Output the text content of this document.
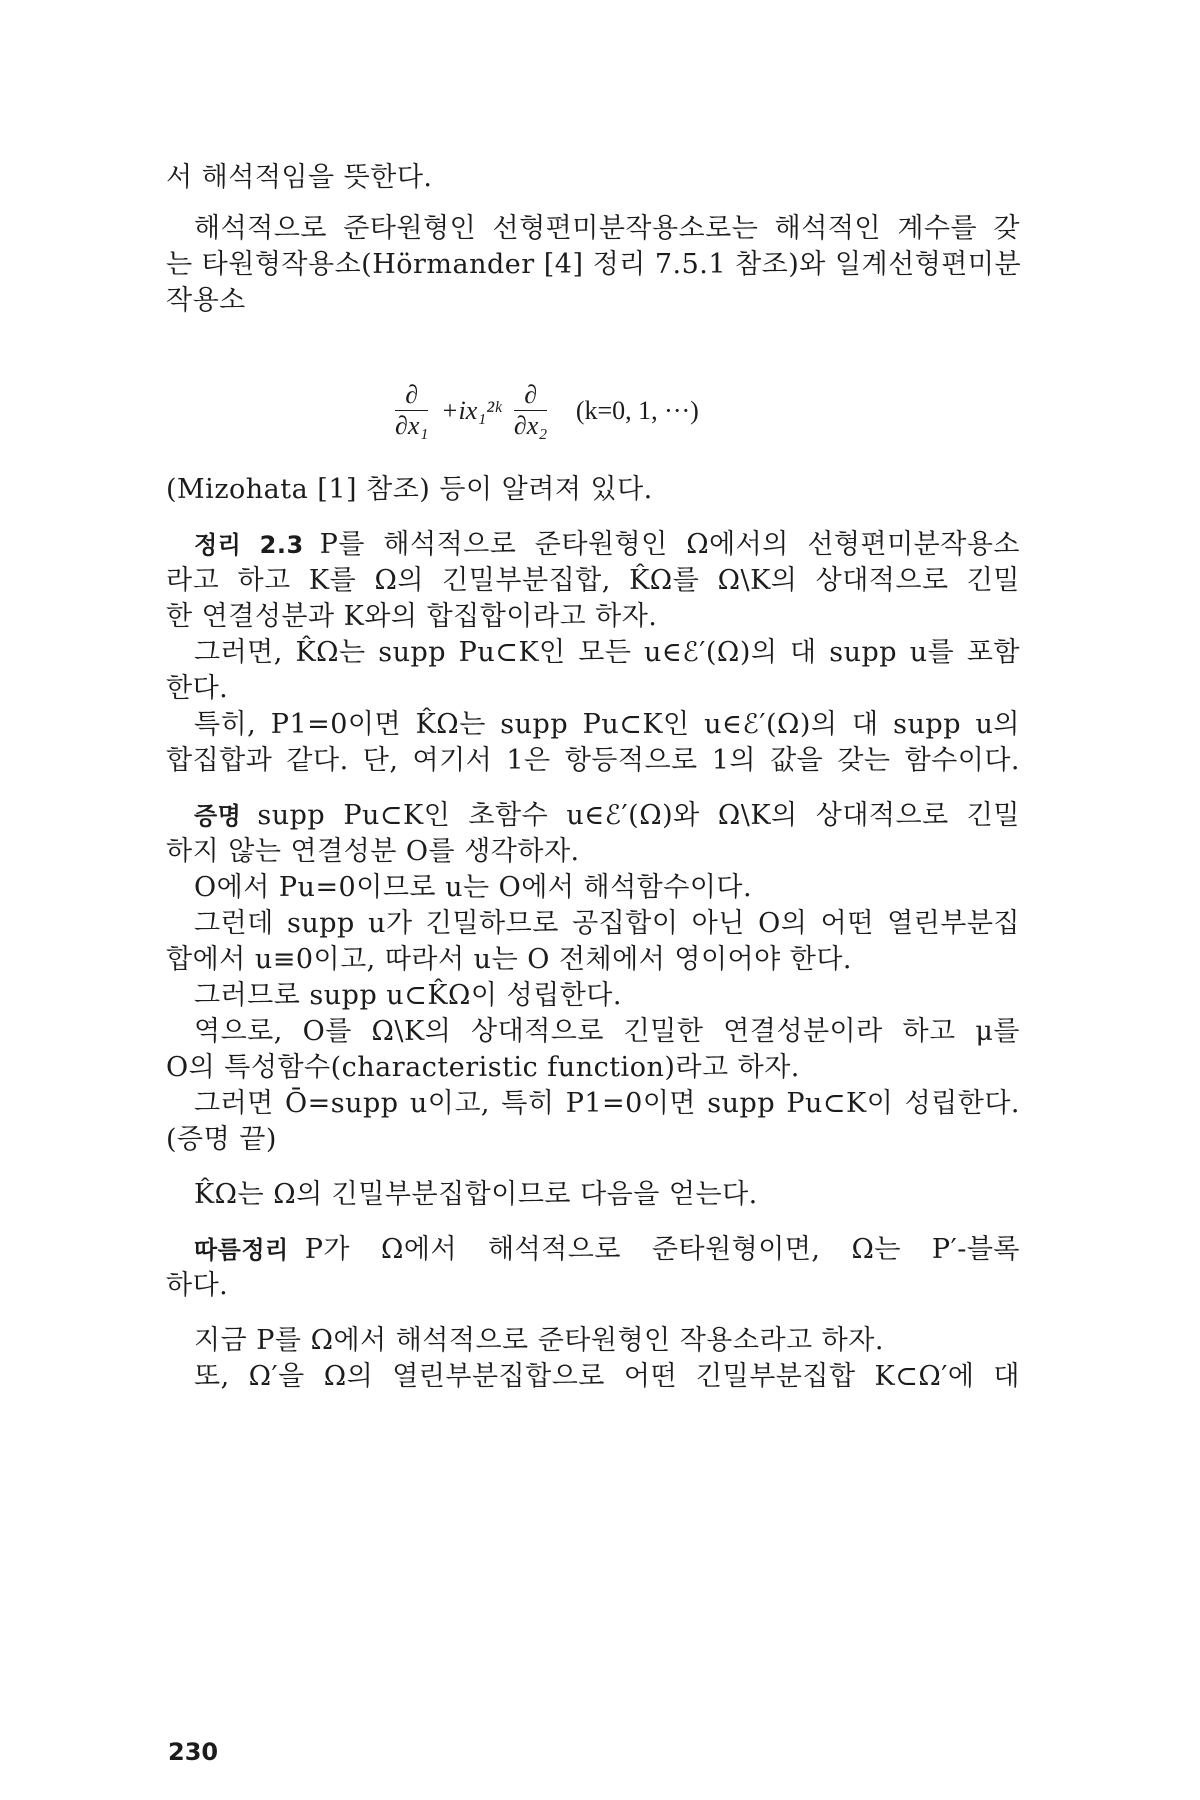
서 해석적임을 뜻한다.
해석적으로 준타원형인 선형편미분작용소로는 해석적인 계수를 갖
는 타원형작용소(Hörmander [4] 정리 7.5.1 참조)와 일계선형편미분
작용소
$\frac{\partial}{\text{∂x₁}}$ +ix₁²ᵏ $\frac{\partial}{\text{∂x₂}} (k=0$, 1, ···)
(Mizohata [1] 참조) 등이 알려져 있다.
정리 2.3 P를 해석적으로 준타원형인 Ω에서의 선형편미분작용소
라고 하고 K를 Ω의 긴밀부분집합, K̂Ω를 Ω\K의 상대적으로 긴밀
한 연결성분과 K와의 합집합이라고 하자.
그러면, K̂Ω는 supp Pu⊂K인 모든 u∈ℰ′(Ω)의 대 supp u를 포함
한다.
특히, P1=0이면 K̂Ω는 supp Pu⊂K인 u∈ℰ′(Ω)의 대 supp u의
합집합과 같다. 단, 여기서 1은 항등적으로 1의 값을 갖는 함수이다.
증명 supp Pu⊂K인 초함수 u∈ℰ′(Ω)와 Ω\K의 상대적으로 긴밀
하지 않는 연결성분 O를 생각하자.
O에서 Pu=0이므로 u는 O에서 해석함수이다.
그런데 supp u가 긴밀하므로 공집합이 아닌 O의 어떤 열린부분집
합에서 u≡0이고, 따라서 u는 O 전체에서 영이어야 한다.
그러므로 supp u⊂K̂Ω이 성립한다.
역으로, O를 Ω\K의 상대적으로 긴밀한 연결성분이라 하고 μ를
O의 특성함수(characteristic function)라고 하자.
그러면 Ō=supp u이고, 특히 P1=0이면 supp Pu⊂K이 성립한다.
(증명 끝)
K̂Ω는 Ω의 긴밀부분집합이므로 다음을 얻는다.
따름정리 P가 Ω에서 해석적으로 준타원형이면, Ω는 P′-블록
하다.
지금 P를 Ω에서 해석적으로 준타원형인 작용소라고 하자.
또, Ω′을 Ω의 열린부분집합으로 어떤 긴밀부분집합 K⊂Ω′에 대
230
